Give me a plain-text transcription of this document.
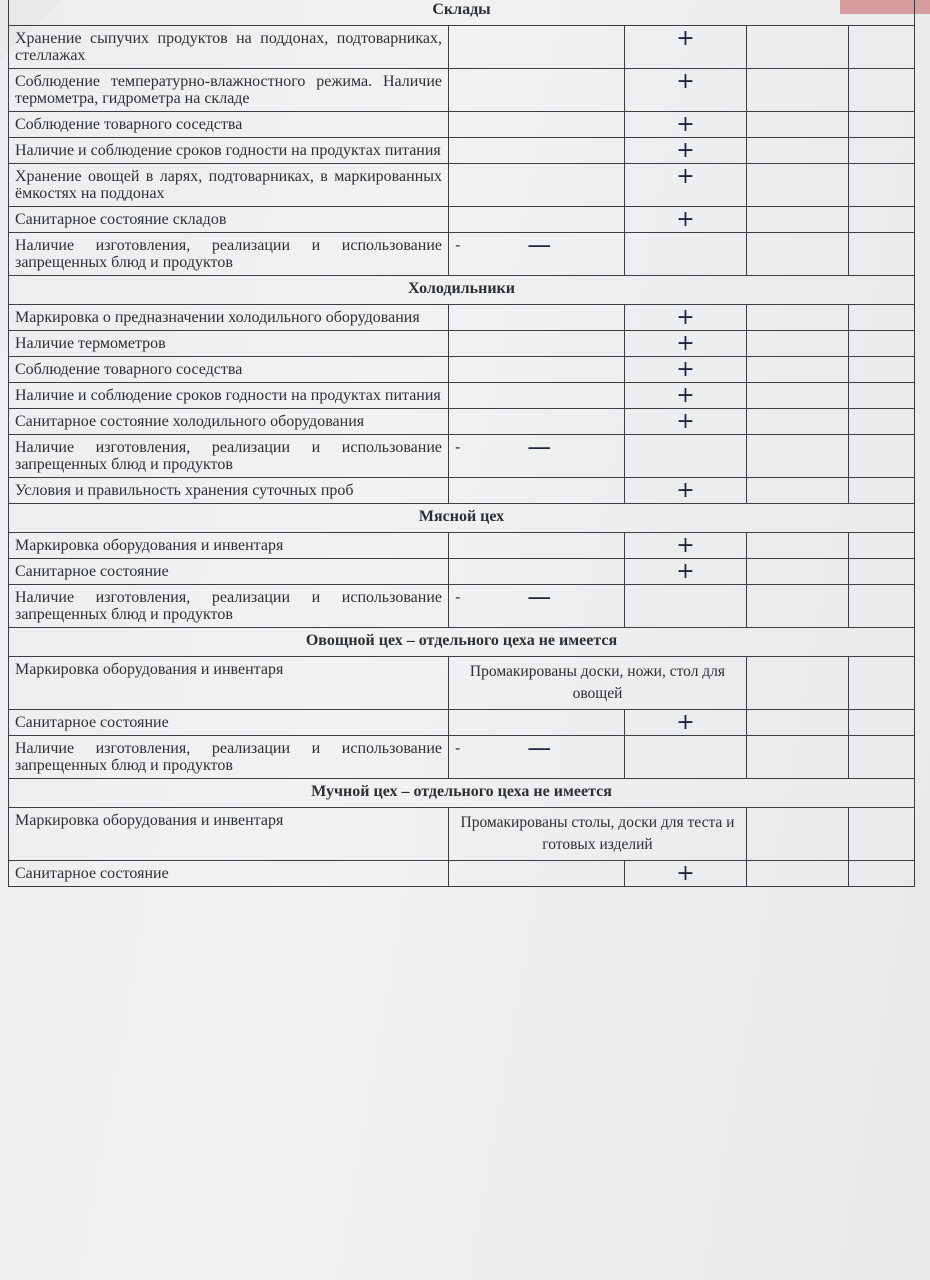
Склады				
Хранение сыпучих продуктов на поддонах, подтоварниках, стеллажах		+		
Соблюдение температурно-влажностного режима. Наличие термометра, гидрометра на складе		+		
Соблюдение товарного соседства		+		
Наличие и соблюдение сроков годности на продуктах питания		+		
Хранение овощей в ларях, подтоварниках, в маркированных ёмкостях на поддонах		+		
Санитарное состояние складов		+		
Наличие изготовления, реализации и использование запрещенных блюд и продуктов	- —			
Холодильники				
Маркировка о предназначении холодильного оборудования		+		
Наличие термометров		+		
Соблюдение товарного соседства		+		
Наличие и соблюдение сроков годности на продуктах питания		+		
Санитарное состояние холодильного оборудования		+		
Наличие изготовления, реализации и использование запрещенных блюд и продуктов	- —			
Условия и правильность хранения суточных проб		+		
Мясной цех				
Маркировка оборудования и инвентаря		+		
Санитарное состояние		+		
Наличие изготовления, реализации и использование запрещенных блюд и продуктов	- —			
Овощной цех – отдельного цеха не имеется				
Маркировка оборудования и инвентаря	Промакированы доски, ножи, стол для овощей			
Санитарное состояние		+		
Наличие изготовления, реализации и использование запрещенных блюд и продуктов	- —			
Мучной цех – отдельного цеха не имеется				
Маркировка оборудования и инвентаря	Промакированы столы, доски для теста и готовых изделий			
Санитарное состояние		+		
